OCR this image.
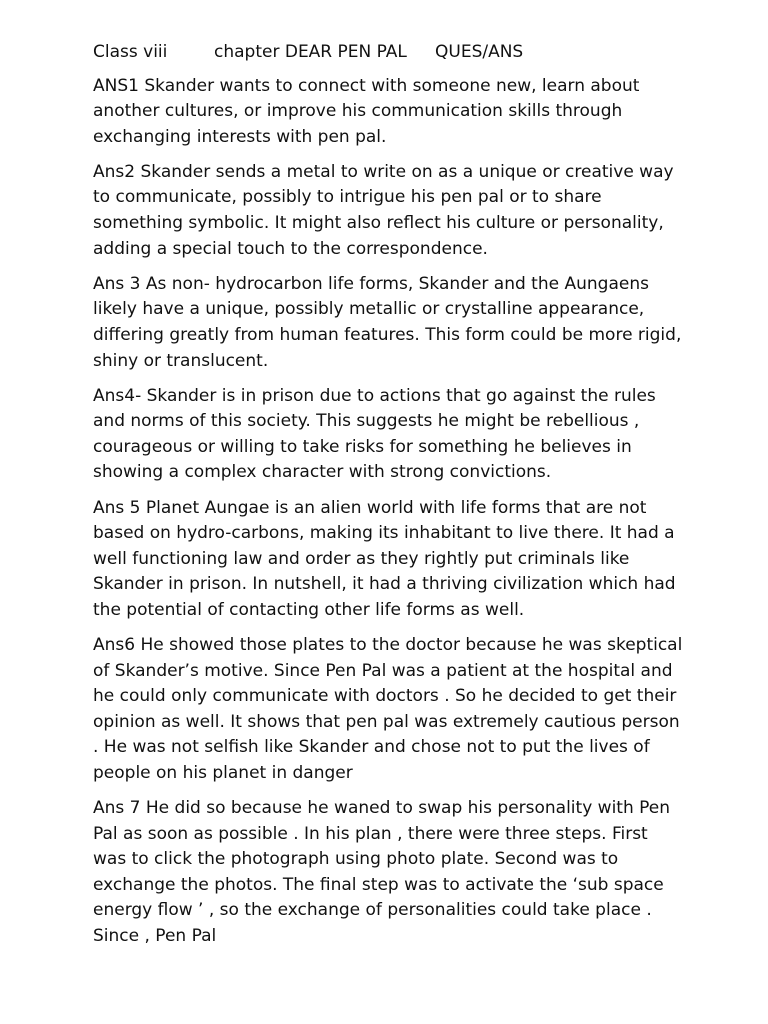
Class viii	chapter DEAR PEN PAL	QUES/ANS

ANS1 Skander wants to connect with someone new, learn about another cultures, or improve his communication skills through exchanging interests with pen pal.

Ans2 Skander sends a metal to write on as a unique or creative way to communicate, possibly to intrigue his pen pal or to share something symbolic. It might also reflect his culture or personality, adding a special touch to the correspondence.

Ans 3 As non- hydrocarbon life forms, Skander and the Aungaens likely have a unique, possibly metallic or crystalline appearance, differing greatly from human features. This form could be more rigid, shiny or translucent.

Ans4- Skander is in prison due to actions that go against the rules and norms of this society. This suggests he might be rebellious , courageous or willing to take risks for something he believes in showing a complex character with strong convictions.

Ans 5 Planet Aungae is an alien world with life forms that are not based on hydro-carbons, making its inhabitant to live there. It had a well functioning law and order as they rightly put criminals like Skander in prison. In nutshell, it had a thriving civilization which had the potential of contacting other life forms as well.

Ans6 He showed those plates to the doctor because he was skeptical of Skander’s motive. Since Pen Pal was a patient at the hospital and he could only communicate with doctors . So he decided to get their opinion as well. It shows that pen pal was extremely cautious person . He was not selfish like Skander and chose not to put the lives of people on his planet in danger

Ans 7 He did so because he waned to swap his personality with Pen Pal as soon as possible . In his plan , there were three steps. First was to click the photograph using photo plate. Second was to exchange the photos. The final step was to activate the ‘sub space energy flow ’ , so the exchange of personalities could take place . Since , Pen Pal
